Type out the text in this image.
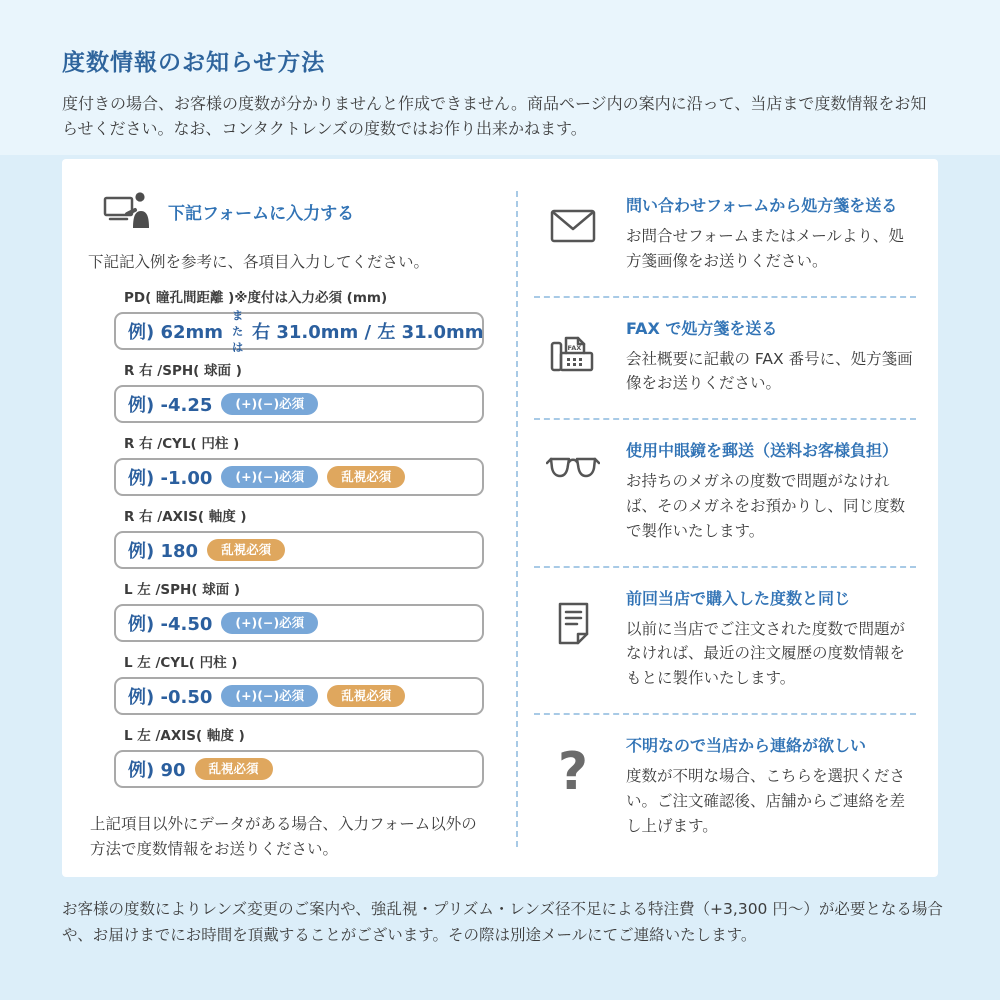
度数情報のお知らせ方法
度付きの場合、お客様の度数が分かりませんと作成できません。商品ページ内の案内に沿って、当店まで度数情報をお知らせください。なお、コンタクトレンズの度数ではお作り出来かねます。
下記フォームに入力する
下記記入例を参考に、各項目入力してください。
PD( 瞳孔間距離 )※度付は入力必須 (mm)
例) 62mm
または
右 31.0mm / 左 31.0mm
R 右 /SPH( 球面 )
例) -4.25	(+)(−)必須
R 右 /CYL( 円柱 )
例) -1.00	(+)(−)必須	乱視必須
R 右 /AXIS( 軸度 )
例) 180	乱視必須
L 左 /SPH( 球面 )
例) -4.50	(+)(−)必須
L 左 /CYL( 円柱 )
例) -0.50	(+)(−)必須	乱視必須
L 左 /AXIS( 軸度 )
例) 90	乱視必須
上記項目以外にデータがある場合、入力フォーム以外の方法で度数情報をお送りください。
問い合わせフォームから処方箋を送る
お問合せフォームまたはメールより、処方箋画像をお送りください。
FAX
FAX で処方箋を送る
会社概要に記載の FAX 番号に、処方箋画像をお送りください。
使用中眼鏡を郵送（送料お客様負担）
お持ちのメガネの度数で問題がなければ、そのメガネをお預かりし、同じ度数で製作いたします。
前回当店で購入した度数と同じ
以前に当店でご注文された度数で問題がなければ、最近の注文履歴の度数情報をもとに製作いたします。
? 不明なので当店から連絡が欲しい
度数が不明な場合、こちらを選択ください。ご注文確認後、店舗からご連絡を差し上げます。
お客様の度数によりレンズ変更のご案内や、強乱視・プリズム・レンズ径不足による特注費（+3,300 円〜）が必要となる場合や、お届けまでにお時間を頂戴することがございます。その際は別途メールにてご連絡いたします。
